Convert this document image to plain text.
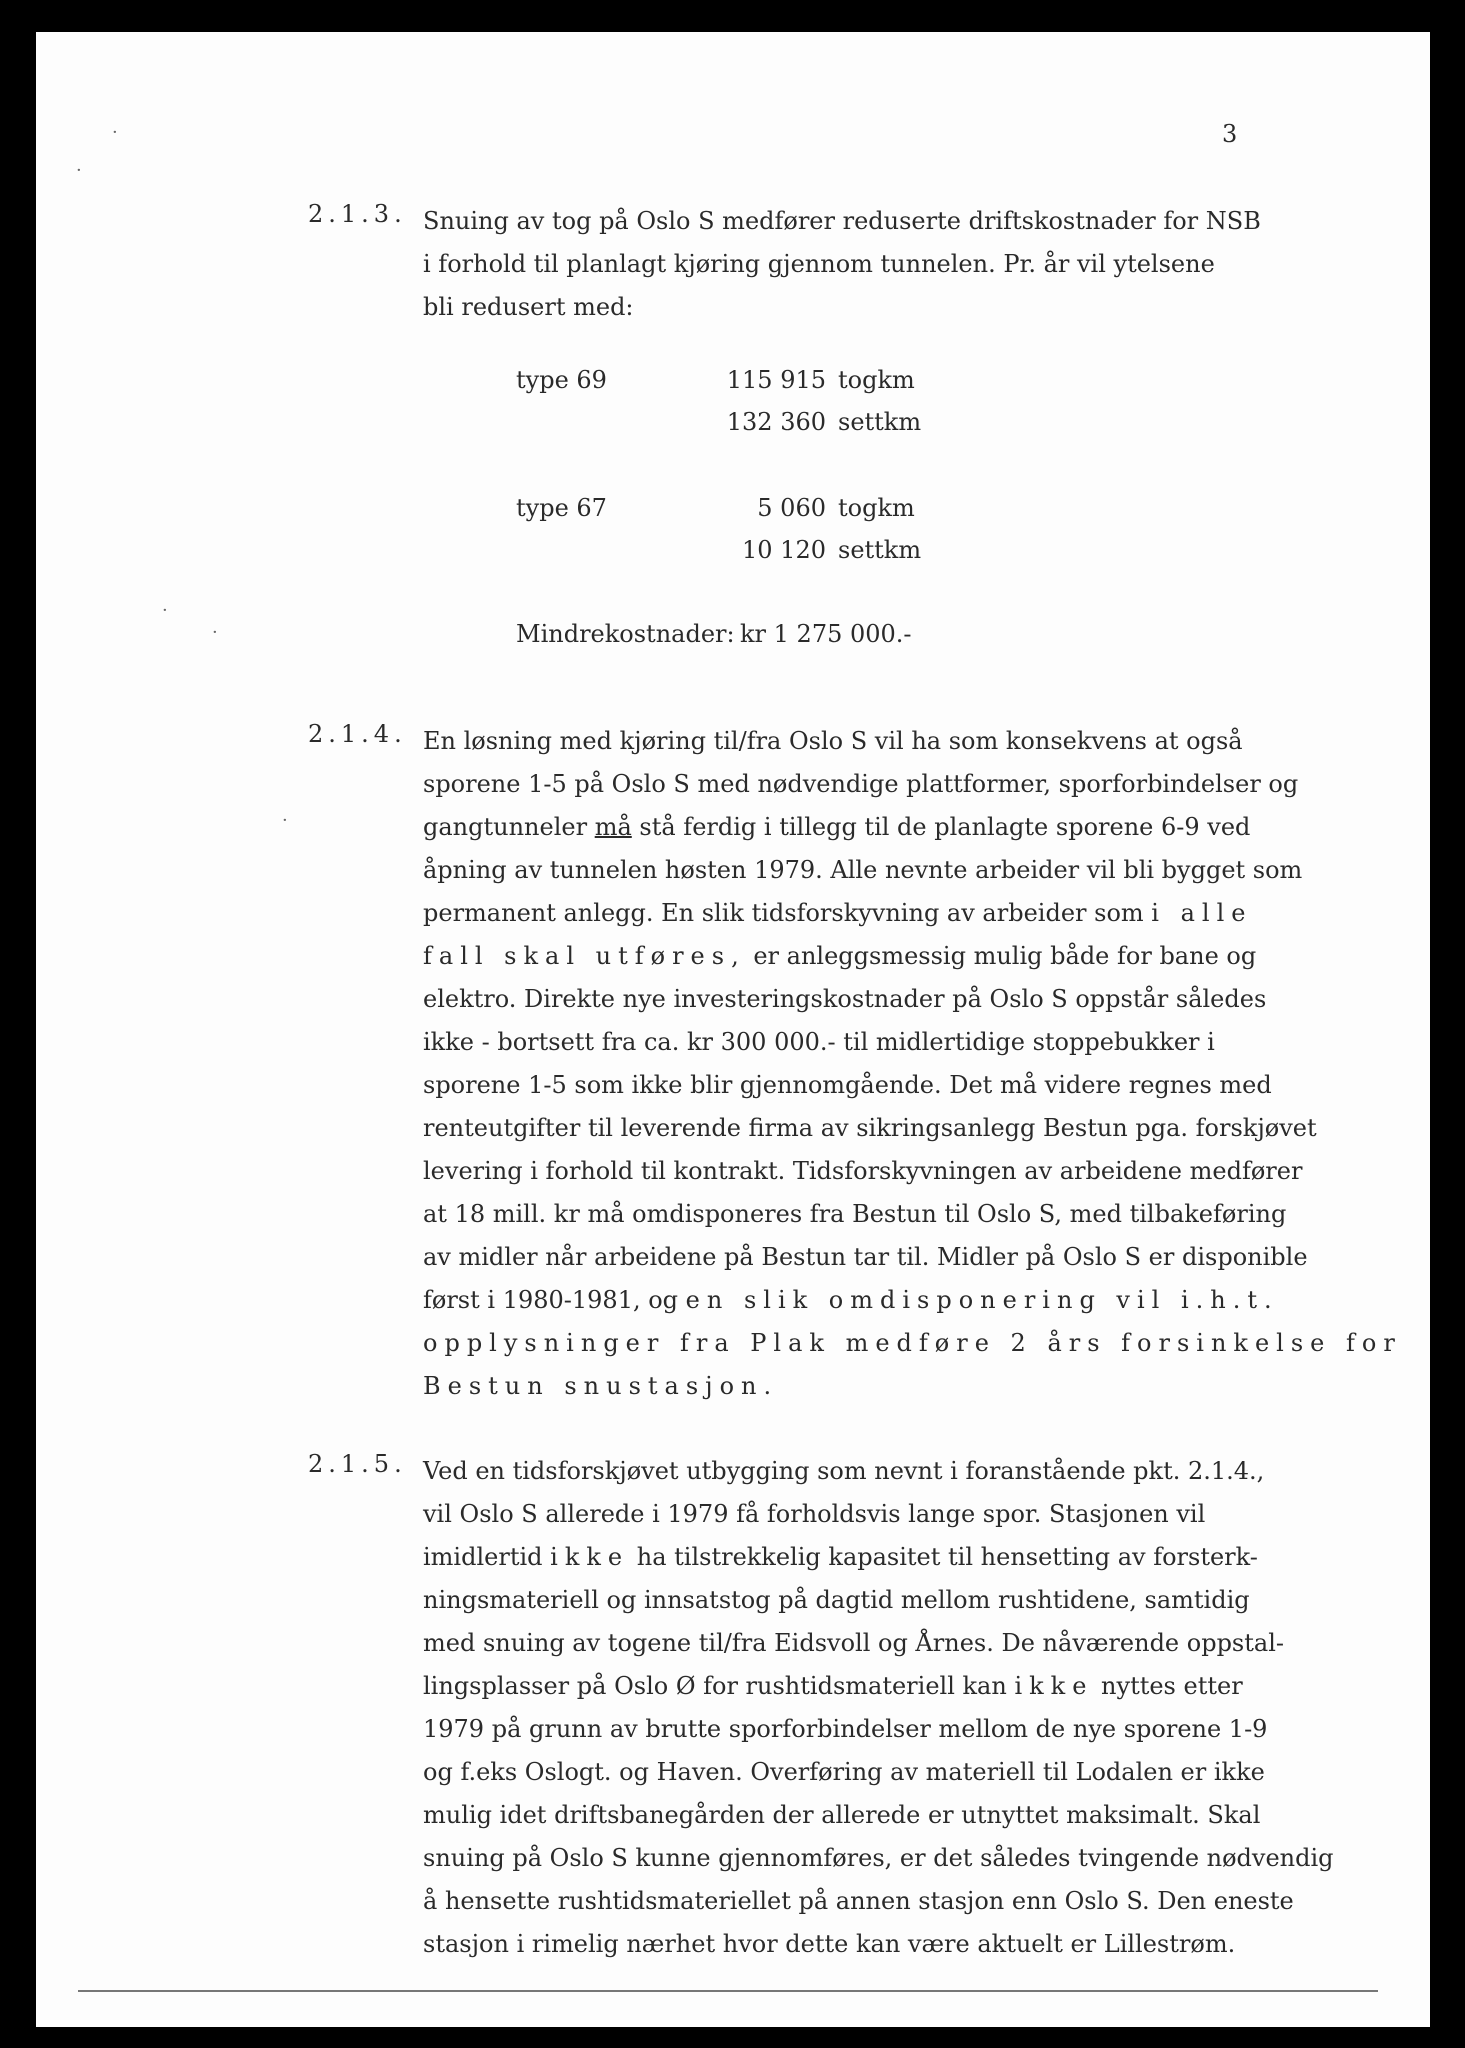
3
·
·
·
·
·
2.1.3. Snuing av tog på Oslo S medfører reduserte driftskostnader for NSB
i forhold til planlagt kjøring gjennom tunnelen. Pr. år vil ytelsene
bli redusert med:
type 69	115 915 togkm
132 360 settkm
type 67	5 060 togkm
10 120 settkm
Mindrekostnader: kr 1 275 000.-
2.1.4. En løsning med kjøring til/fra Oslo S vil ha som konsekvens at også
sporene 1-5 på Oslo S med nødvendige plattformer, sporforbindelser og
gangtunneler må stå ferdig i tillegg til de planlagte sporene 6-9 ved
åpning av tunnelen høsten 1979. Alle nevnte arbeider vil bli bygget som
permanent anlegg. En slik tidsforskyvning av arbeider som i alle
fall skal utføres, er anleggsmessig mulig både for bane og
elektro. Direkte nye investeringskostnader på Oslo S oppstår således
ikke - bortsett fra ca. kr 300 000.- til midlertidige stoppebukker i
sporene 1-5 som ikke blir gjennomgående. Det må videre regnes med
renteutgifter til leverende firma av sikringsanlegg Bestun pga. forskjøvet
levering i forhold til kontrakt. Tidsforskyvningen av arbeidene medfører
at 18 mill. kr må omdisponeres fra Bestun til Oslo S, med tilbakeføring
av midler når arbeidene på Bestun tar til. Midler på Oslo S er disponible
først i 1980-1981, og en slik omdisponering vil i.h.t.
opplysninger fra Plak medføre 2 års forsinkelse for
Bestun snustasjon.
2.1.5. Ved en tidsforskjøvet utbygging som nevnt i foranstående pkt. 2.1.4.,
vil Oslo S allerede i 1979 få forholdsvis lange spor. Stasjonen vil
imidlertid ikke ha tilstrekkelig kapasitet til hensetting av forsterk-
ningsmateriell og innsatstog på dagtid mellom rushtidene, samtidig
med snuing av togene til/fra Eidsvoll og Årnes. De nåværende oppstal-
lingsplasser på Oslo Ø for rushtidsmateriell kan ikke nyttes etter
1979 på grunn av brutte sporforbindelser mellom de nye sporene 1-9
og f.eks Oslogt. og Haven. Overføring av materiell til Lodalen er ikke
mulig idet driftsbanegården der allerede er utnyttet maksimalt. Skal
snuing på Oslo S kunne gjennomføres, er det således tvingende nødvendig
å hensette rushtidsmateriellet på annen stasjon enn Oslo S. Den eneste
stasjon i rimelig nærhet hvor dette kan være aktuelt er Lillestrøm.
